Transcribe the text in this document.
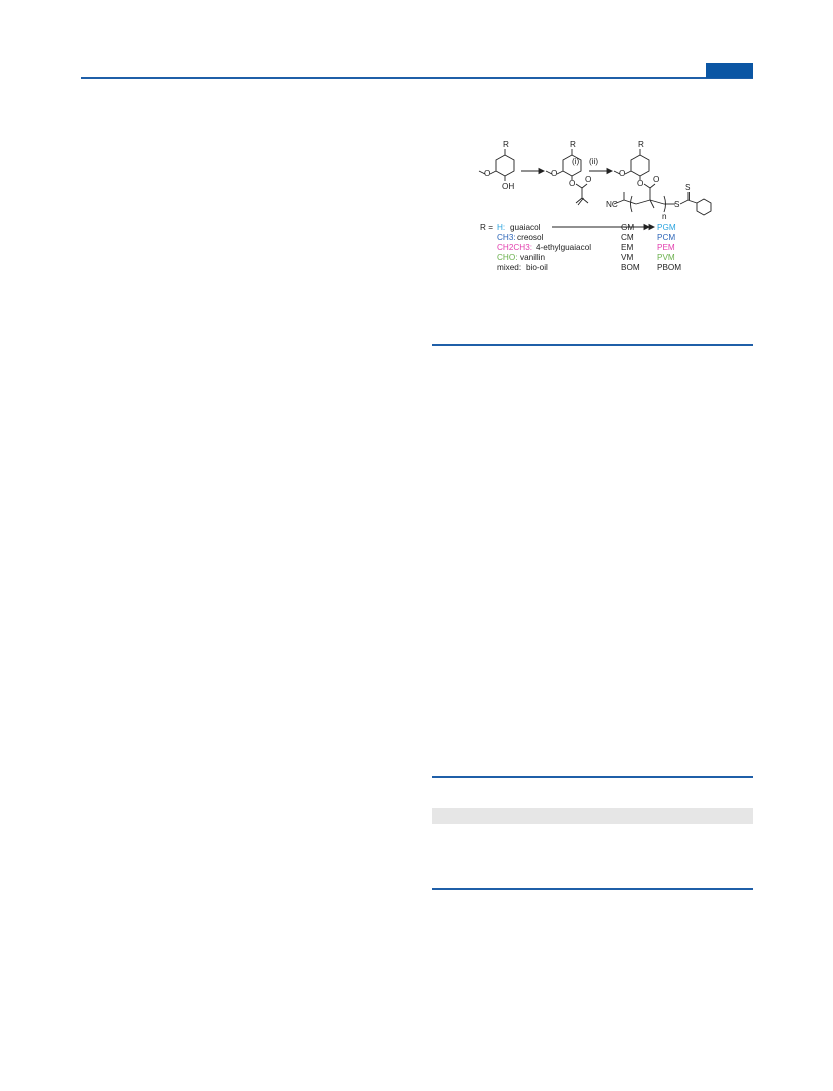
R	R	R
O
OH
O
O O
O
O O
S
S
NC
n
(i) (ii)
R = H: guaiacol	GM	PGM
CH3: creosol	CM	PCM
CH2CH3: 4-ethylguaiacol	EM	PEM
CHO: vanillin	VM	PVM
mixed: bio-oil	BOM PBOM
